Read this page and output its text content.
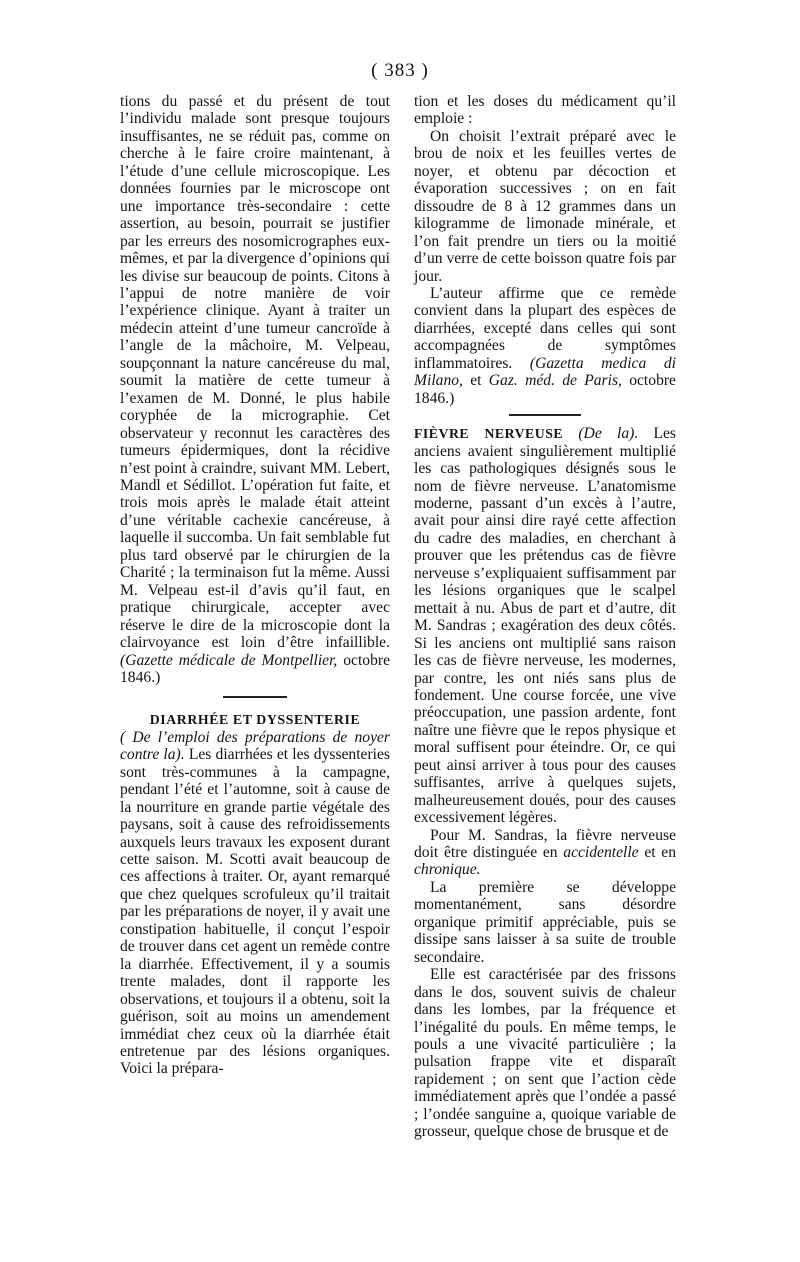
( 383 )

tions du passé et du présent de tout l’individu malade sont presque toujours insuffisantes, ne se réduit pas, comme on cherche à le faire croire maintenant, à l’étude d’une cellule microscopique. Les données fournies par le microscope ont une importance très-secondaire : cette assertion, au besoin, pourrait se justifier par les erreurs des nosomicrographes eux-mêmes, et par la divergence d’opinions qui les divise sur beaucoup de points. Citons à l’appui de notre manière de voir l’expérience clinique. Ayant à traiter un médecin atteint d’une tumeur cancroïde à l’angle de la mâchoire, M. Velpeau, soupçonnant la nature cancéreuse du mal, soumit la matière de cette tumeur à l’examen de M. Donné, le plus habile coryphée de la micrographie. Cet observateur y reconnut les caractères des tumeurs épidermiques, dont la récidive n’est point à craindre, suivant MM. Lebert, Mandl et Sédillot. L’opération fut faite, et trois mois après le malade était atteint d’une véritable cachexie cancéreuse, à laquelle il succomba. Un fait semblable fut plus tard observé par le chirurgien de la Charité ; la terminaison fut la même. Aussi M. Velpeau est-il d’avis qu’il faut, en pratique chirurgicale, accepter avec réserve le dire de la microscopie dont la clairvoyance est loin d’être infaillible. (Gazette médicale de Montpellier, octobre 1846.)

DIARRHÉE ET DYSSENTERIE

( De l’emploi des préparations de noyer contre la). Les diarrhées et les dyssenteries sont très-communes à la campagne, pendant l’été et l’automne, soit à cause de la nourriture en grande partie végétale des paysans, soit à cause des refroidissements auxquels leurs travaux les exposent durant cette saison. M. Scotti avait beaucoup de ces affections à traiter. Or, ayant remarqué que chez quelques scrofuleux qu’il traitait par les préparations de noyer, il y avait une constipation habituelle, il conçut l’espoir de trouver dans cet agent un remède contre la diarrhée. Effectivement, il y a soumis trente malades, dont il rapporte les observations, et toujours il a obtenu, soit la guérison, soit au moins un amendement immédiat chez ceux où la diarrhée était entretenue par des lésions organiques. Voici la prépara-

tion et les doses du médicament qu’il emploie :

On choisit l’extrait préparé avec le brou de noix et les feuilles vertes de noyer, et obtenu par décoction et évaporation successives ; on en fait dissoudre de 8 à 12 grammes dans un kilogramme de limonade minérale, et l’on fait prendre un tiers ou la moitié d’un verre de cette boisson quatre fois par jour.

L’auteur affirme que ce remède convient dans la plupart des espèces de diarrhées, excepté dans celles qui sont accompagnées de symptômes inflammatoires. (Gazetta medica di Milano, et Gaz. méd. de Paris, octobre 1846.)

FIÈVRE NERVEUSE (De la). Les anciens avaient singulièrement multiplié les cas pathologiques désignés sous le nom de fièvre nerveuse. L’anatomisme moderne, passant d’un excès à l’autre, avait pour ainsi dire rayé cette affection du cadre des maladies, en cherchant à prouver que les prétendus cas de fièvre nerveuse s’expliquaient suffisamment par les lésions organiques que le scalpel mettait à nu. Abus de part et d’autre, dit M. Sandras ; exagération des deux côtés. Si les anciens ont multiplié sans raison les cas de fièvre nerveuse, les modernes, par contre, les ont niés sans plus de fondement. Une course forcée, une vive préoccupation, une passion ardente, font naître une fièvre que le repos physique et moral suffisent pour éteindre. Or, ce qui peut ainsi arriver à tous pour des causes suffisantes, arrive à quelques sujets, malheureusement doués, pour des causes excessivement légères.

Pour M. Sandras, la fièvre nerveuse doit être distinguée en accidentelle et en chronique.

La première se développe momentanément, sans désordre organique primitif appréciable, puis se dissipe sans laisser à sa suite de trouble secondaire.

Elle est caractérisée par des frissons dans le dos, souvent suivis de chaleur dans les lombes, par la fréquence et l’inégalité du pouls. En même temps, le pouls a une vivacité particulière ; la pulsation frappe vite et disparaît rapidement ; on sent que l’action cède immédiatement après que l’ondée a passé ; l’ondée sanguine a, quoique variable de grosseur, quelque chose de brusque et de
